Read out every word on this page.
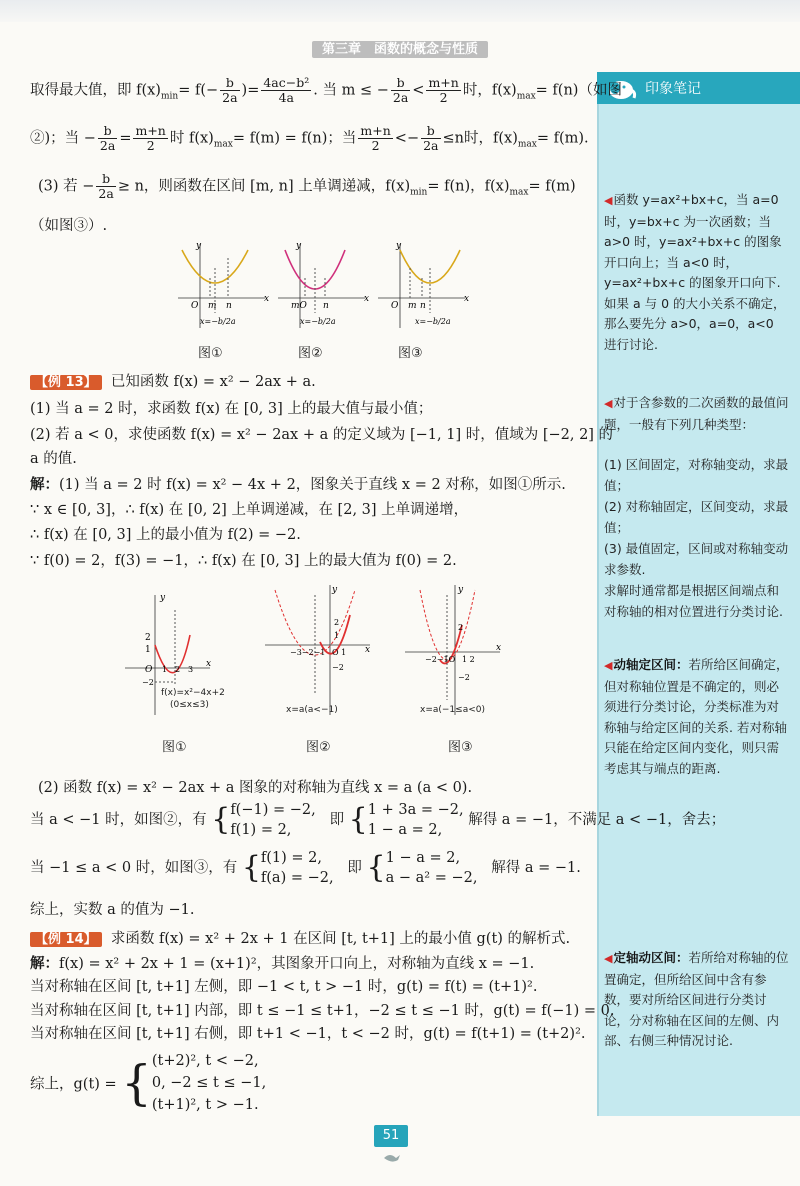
第三章　函数的概念与性质
印象笔记

◀函数 y=ax²+bx+c，当 a=0 时，y=bx+c 为一次函数；当 a>0 时，y=ax²+bx+c 的图象开口向上；当 a<0 时，y=ax²+bx+c 的图象开口向下. 如果 a 与 0 的大小关系不确定，那么要先分 a>0，a=0，a<0 进行讨论.

◀对于含参数的二次函数的最值问题，一般有下列几种类型：

(1) 区间固定，对称轴变动，求最值；

(2) 对称轴固定，区间变动，求最值；

(3) 最值固定，区间或对称轴变动求参数.

求解时通常都是根据区间端点和对称轴的相对位置进行分类讨论.

◀动轴定区间：若所给区间确定，但对称轴位置是不确定的，则必须进行分类讨论，分类标准为对称轴与给定区间的关系. 若对称轴只能在给定区间内变化，则只需考虑其与端点的距离.

◀定轴动区间：若所给对称轴的位置确定，但所给区间中含有参数，要对所给区间进行分类讨论，分对称轴在区间的左侧、内部、右侧三种情况讨论.

取得最大值，即 $f(x)_{min}= f(- \frac{b}{2a}$ )= $\frac{\text{4ac−b²}}{4a}$ . 当 m ≤ − $\frac{b}{2a} < \frac{m+n}{2}$ 时，$f(x)_{max}= f(n)$（如图
②)；当 − $\frac{b}{2a} = \frac{m+n}{2}$ 时 $f(x)_{max}= f(m) = f(n)$；当 $\frac{m+n}{2} <- \frac{b}{2a} \le n$时，$f(x)_{max}= f(m)$.
(3) 若 − $\frac{b}{2a} \ge n$，则函数在区间 [m, n] 上单调递减，$f(x)_{min}= f(n)$，$f(x)_{max}= f(m)$
（如图③）.
y
O m n
x
x=−b/2a
y
mO n
x
x=−b/2a
y
O m n
x
x=−b/2a
图①	图②	图③
【例 13】 已知函数 f(x) = x² − 2ax + a.
(1) 当 a = 2 时，求函数 f(x) 在 [0, 3] 上的最大值与最小值；
(2) 若 a < 0，求使函数 f(x) = x² − 2ax + a 的定义域为 [−1, 1] 时，值域为 [−2, 2] 的
a 的值.
解：(1) 当 a = 2 时 f(x) = x² − 4x + 2，图象关于直线 x = 2 对称，如图①所示.
∵ x ∈ [0, 3]，∴ f(x) 在 [0, 2] 上单调递减，在 [2, 3] 上单调递增，
∴ f(x) 在 [0, 3] 上的最小值为 f(2) = −2.
∵ f(0) = 2，f(3) = −1，∴ f(x) 在 [0, 3] 上的最大值为 f(0) = 2.
y
2
1
O 1 2 3
x
−2
f(x)=x²−4x+2
(0≤x≤3)
y
2
1
−3−2−1 O 1 x
−2
x=a(a<−1)
y
2
−2−1O 1 2
x
−2
x=a(−1≤a<0)
图①	图②	图③
(2) 函数 f(x) = x² − 2ax + a 图象的对称轴为直线 x = a (a < 0).
当 a < −1 时，如图②，有 { f(−1) = −2,
f(1) = 2,
即 { 1 + 3a = −2,
1 − a = 2,
解得 a = −1，不满足 a < −1，舍去；
当 −1 ≤ a < 0 时，如图③，有 { f(1) = 2,
f(a) = −2,
即 { 1 − a = 2,
a − a² = −2,
解得 a = −1.
综上，实数 a 的值为 −1.
【例 14】 求函数 f(x) = x² + 2x + 1 在区间 [t, t+1] 上的最小值 g(t) 的解析式.
解：f(x) = x² + 2x + 1 = (x+1)²，其图象开口向上，对称轴为直线 x = −1.
当对称轴在区间 [t, t+1] 左侧，即 −1 < t, t > −1 时，g(t) = f(t) = (t+1)².
当对称轴在区间 [t, t+1] 内部，即 t ≤ −1 ≤ t+1，−2 ≤ t ≤ −1 时，g(t) = f(−1) = 0.
当对称轴在区间 [t, t+1] 右侧，即 t+1 < −1，t < −2 时，g(t) = f(t+1) = (t+2)².
综上，g(t) = { (t+2)², t < −2,
0, −2 ≤ t ≤ −1,
(t+1)², t > −1.
51
